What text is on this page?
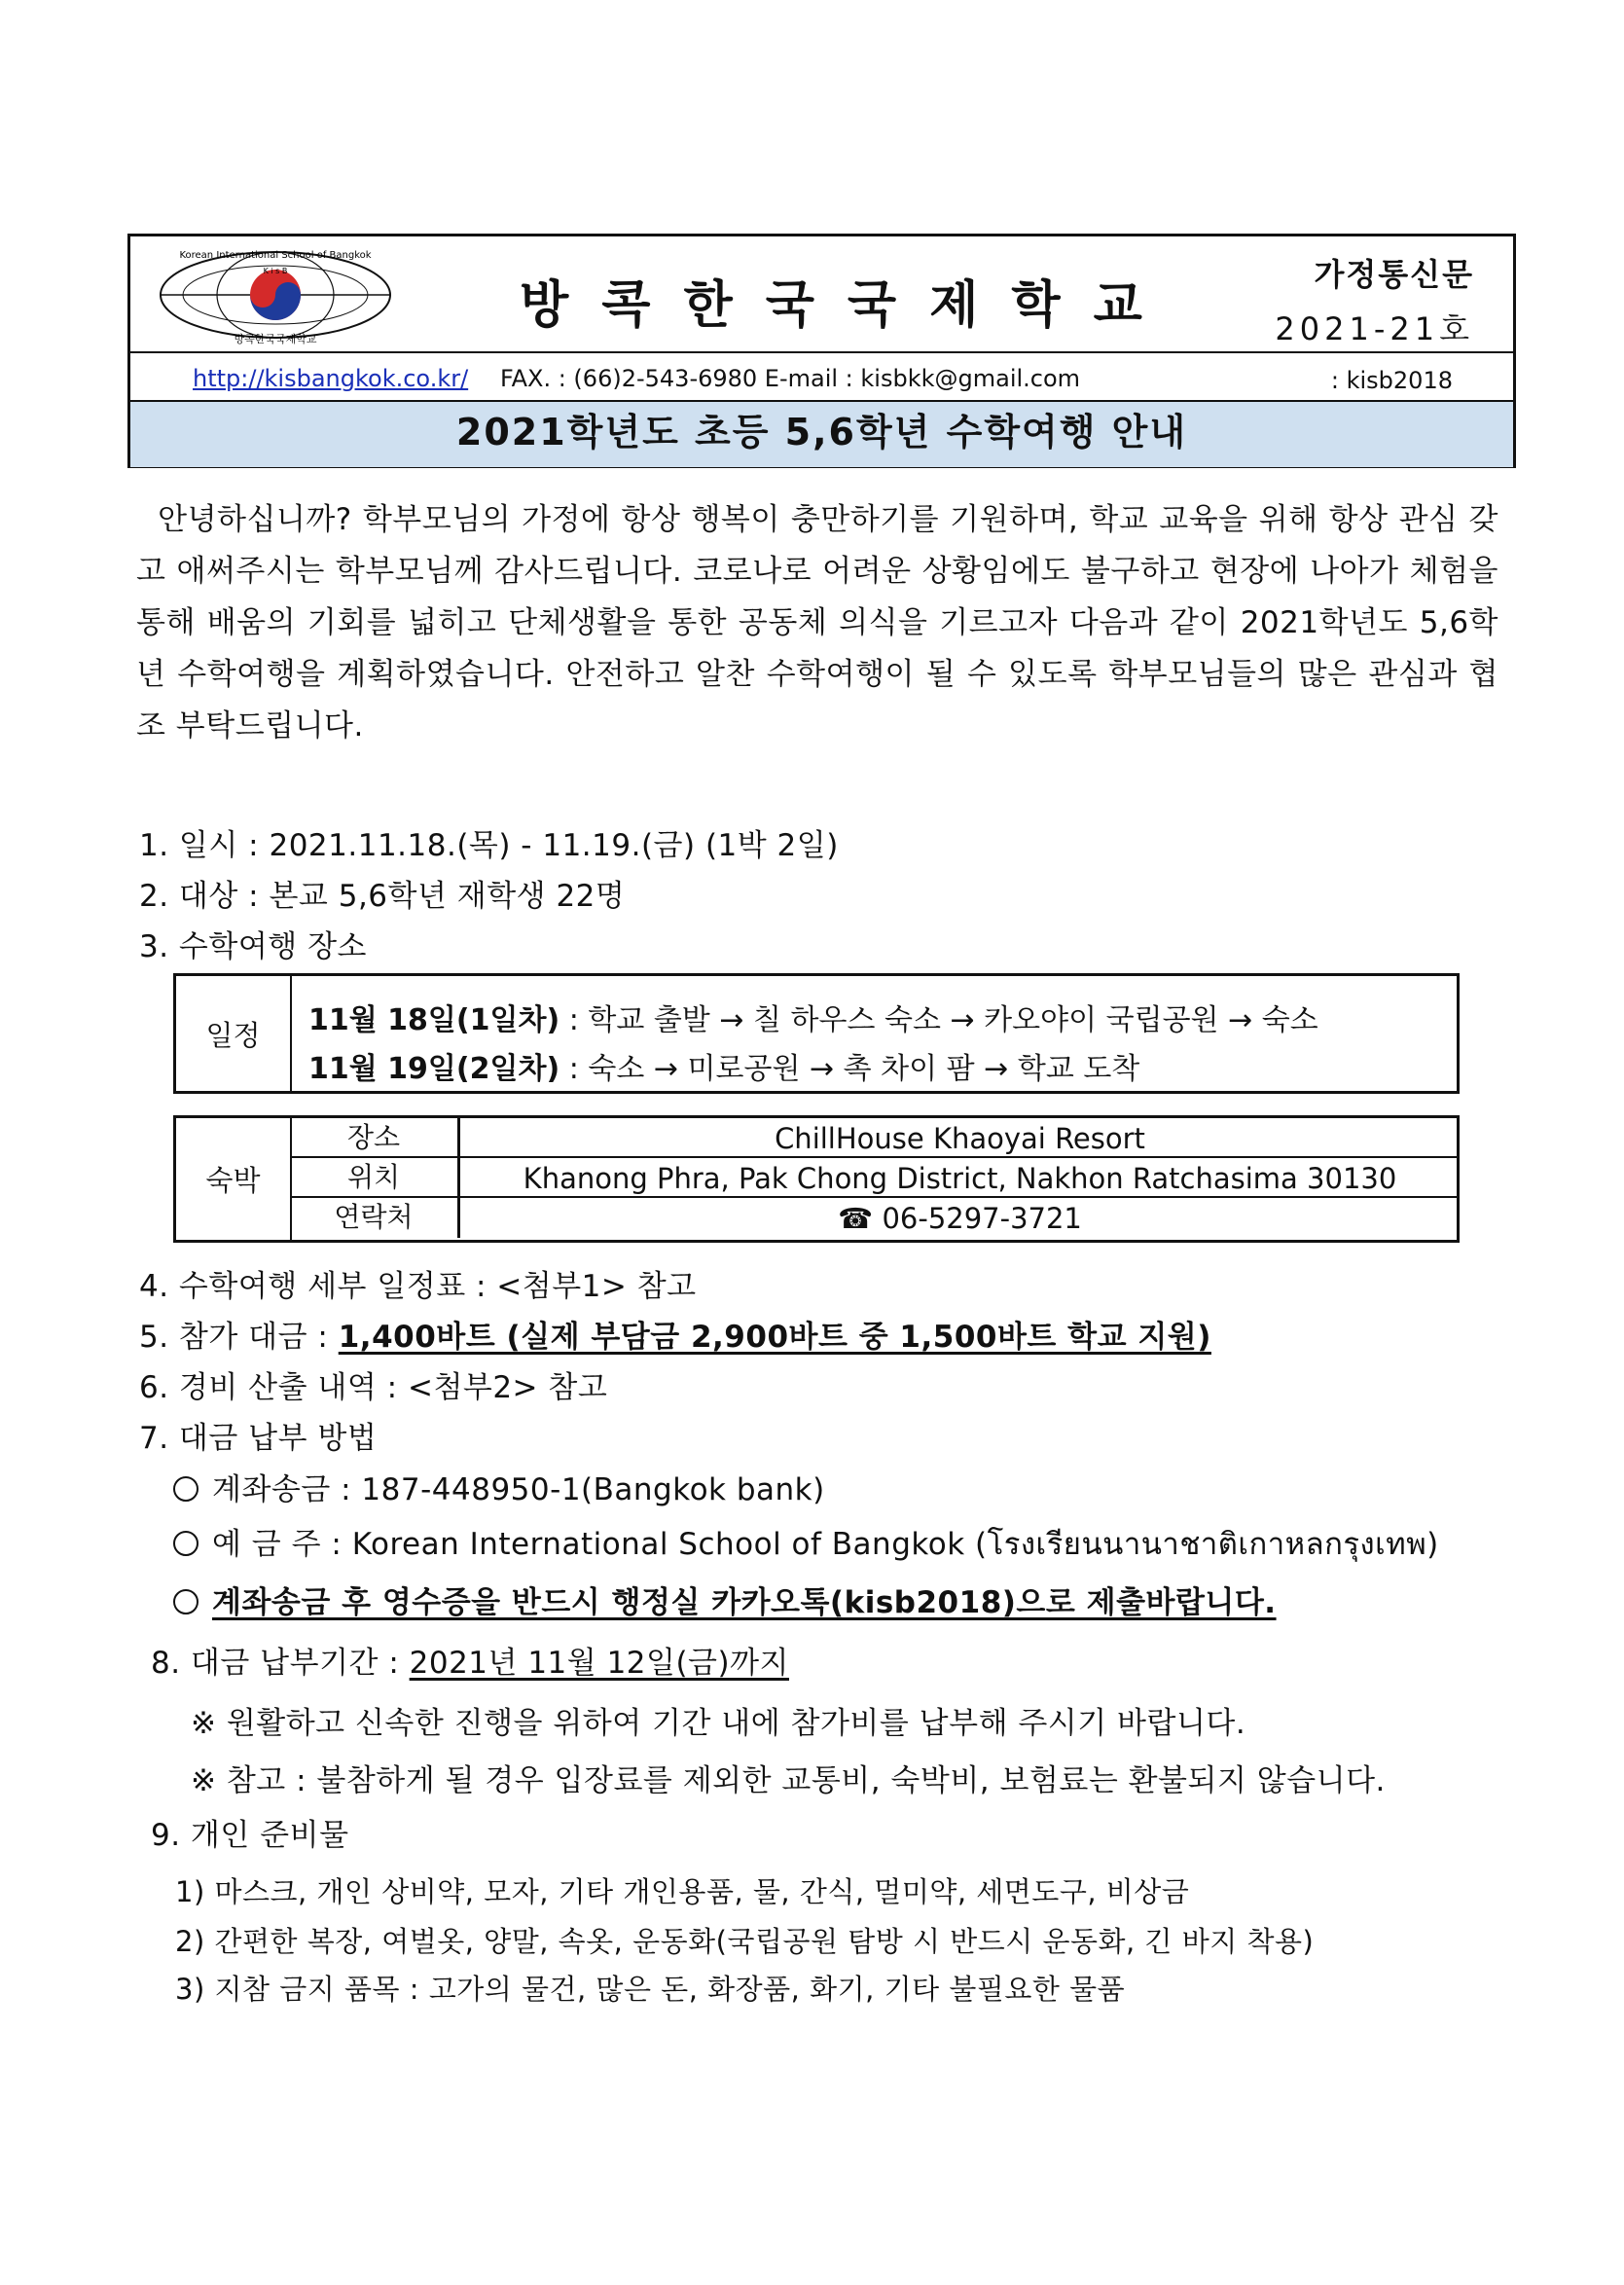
Korean International School of Bangkok
방콕한국국제학교
K i s B
방콕한국국제학교
가정통신문
2021-21호
http://kisbangkok.co.kr/ FAX. : (66)2-543-6980 E-mail : kisbkk@gmail.com	: kisb2018
2021학년도 초등 5,6학년 수학여행 안내
안녕하십니까? 학부모님의 가정에 항상 행복이 충만하기를 기원하며, 학교 교육을 위해 항상 관심 갖고 애써주시는 학부모님께 감사드립니다. 코로나로 어려운 상황임에도 불구하고 현장에 나아가 체험을 통해 배움의 기회를 넓히고 단체생활을 통한 공동체 의식을 기르고자 다음과 같이 2021학년도 5,6학년 수학여행을 계획하였습니다. 안전하고 알찬 수학여행이 될 수 있도록 학부모님들의 많은 관심과 협조 부탁드립니다.
1. 일시 : 2021.11.18.(목) - 11.19.(금) (1박 2일)
2. 대상 : 본교 5,6학년 재학생 22명
3. 수학여행 장소
일정	11월 18일(1일차) : 학교 출발 → 칠 하우스 숙소 → 카오야이 국립공원 → 숙소
11월 19일(2일차) : 숙소 → 미로공원 → 촉 차이 팜 → 학교 도착
숙박
장소	ChillHouse Khaoyai Resort
위치	Khanong Phra, Pak Chong District, Nakhon Ratchasima 30130
연락처	☎ 06-5297-3721
4. 수학여행 세부 일정표 : <첨부1> 참고
5. 참가 대금 : 1,400바트 (실제 부담금 2,900바트 중 1,500바트 학교 지원)
6. 경비 산출 내역 : <첨부2> 참고
7. 대금 납부 방법
계좌송금 : 187-448950-1(Bangkok bank)
예 금 주 : Korean International School of Bangkok (โรงเรียนนานาชาติเกาหลกรุงเทพ)
계좌송금 후 영수증을 반드시 행정실 카카오톡(kisb2018)으로 제출바랍니다.
8. 대금 납부기간 : 2021년 11월 12일(금)까지
※ 원활하고 신속한 진행을 위하여 기간 내에 참가비를 납부해 주시기 바랍니다.
※ 참고 : 불참하게 될 경우 입장료를 제외한 교통비, 숙박비, 보험료는 환불되지 않습니다.
9. 개인 준비물
1) 마스크, 개인 상비약, 모자, 기타 개인용품, 물, 간식, 멀미약, 세면도구, 비상금
2) 간편한 복장, 여벌옷, 양말, 속옷, 운동화(국립공원 탐방 시 반드시 운동화, 긴 바지 착용)
3) 지참 금지 품목 : 고가의 물건, 많은 돈, 화장품, 화기, 기타 불필요한 물품
